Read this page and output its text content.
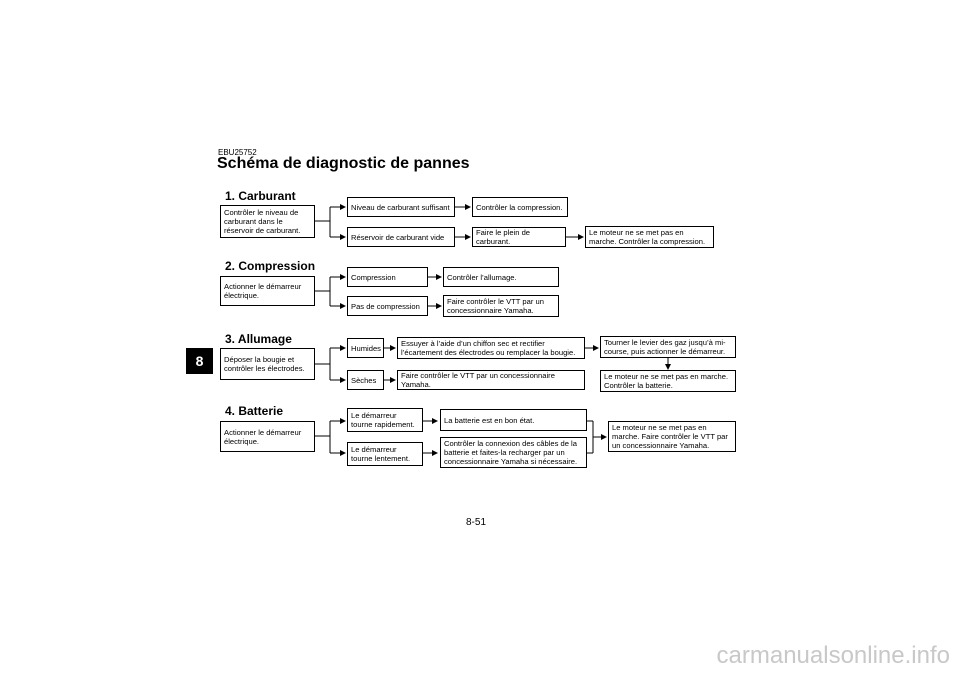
EBU25752
Schéma de diagnostic de pannes
1. Carburant
Contrôler le niveau de carburant dans le réservoir de carburant.
Niveau de carburant suffisant
Réservoir de carburant vide
Contrôler la compression.
Faire le plein de carburant.
Le moteur ne se met pas en marche. Contrôler la compression.
2. Compression
Actionner le démarreur électrique.
Compression
Pas de compression
Contrôler l’allumage.
Faire contrôler le VTT par un concessionnaire Yamaha.
3. Allumage
Déposer la bougie et contrôler les électrodes.
Humides
Sèches
Essuyer à l’aide d’un chiffon sec et rectifier l’écartement des électrodes ou remplacer la bougie.
Faire contrôler le VTT par un concessionnaire Yamaha.
Tourner le levier des gaz jusqu’à mi-course, puis actionner le démarreur.
Le moteur ne se met pas en marche. Contrôler la batterie.
4. Batterie
Actionner le démarreur électrique.
Le démarreur tourne rapidement.
Le démarreur tourne lentement.
La batterie est en bon état.
Contrôler la connexion des câbles de la batterie et faites-la recharger par un concessionnaire Yamaha si nécessaire.
Le moteur ne se met pas en marche. Faire contrôler le VTT par un concessionnaire Yamaha.
8
8-51
carmanualsonline.info
